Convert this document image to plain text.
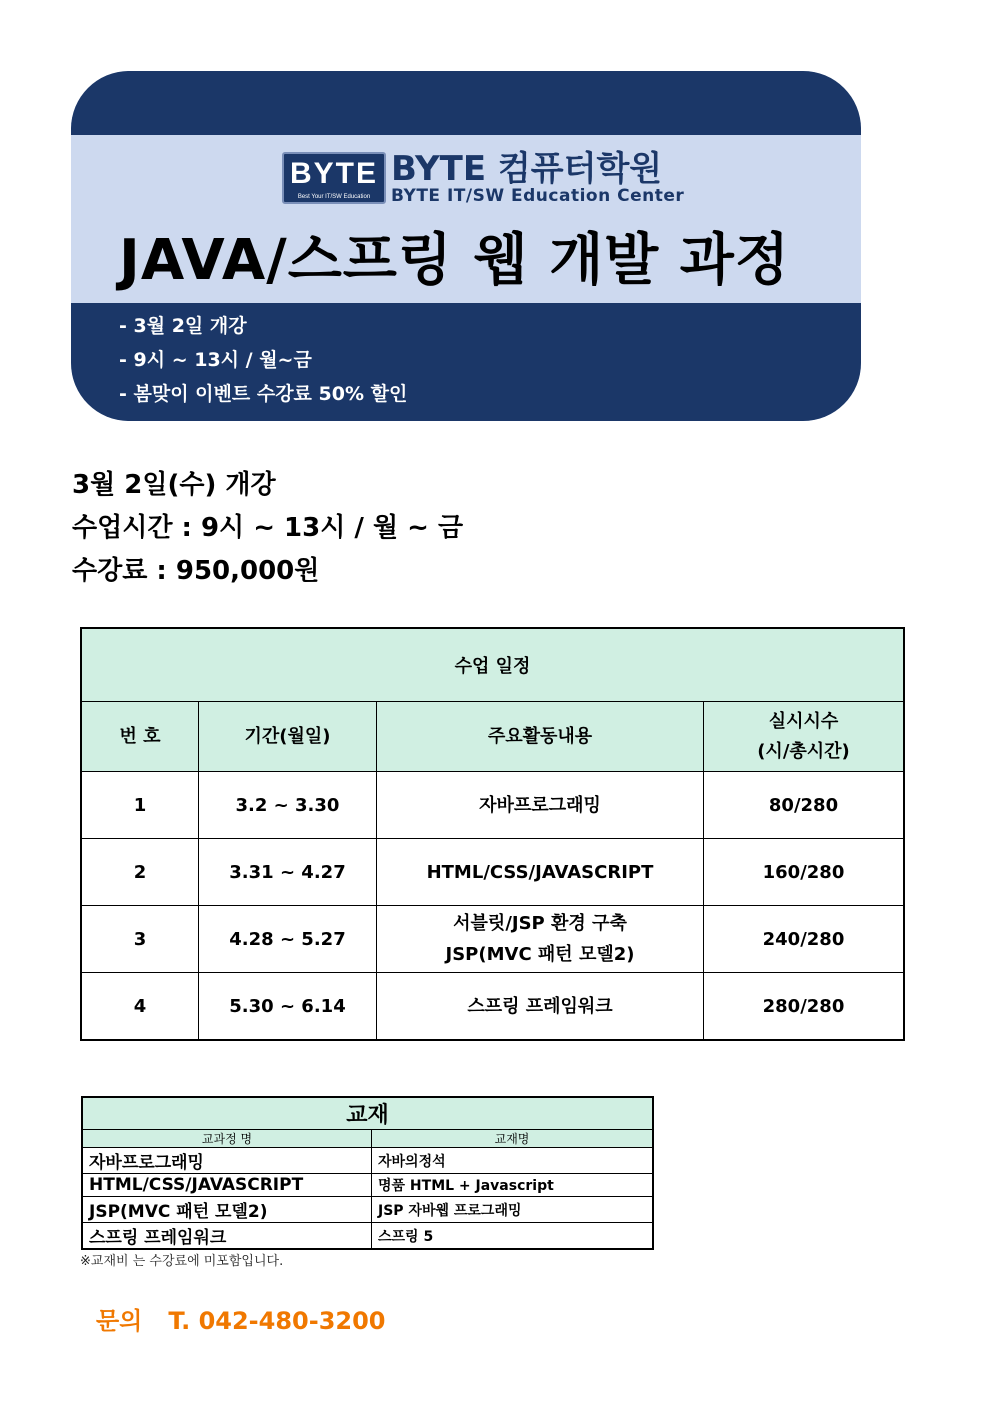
BYTE
Best Your IT/SW Education
BYTE 컴퓨터학원
BYTE IT/SW Education Center
JAVA/스프링 웹 개발 과정
- 3월 2일 개강
- 9시 ~ 13시 / 월~금
- 봄맞이 이벤트 수강료 50% 할인
3월 2일(수) 개강
수업시간 : 9시 ~ 13시 / 월 ~ 금
수강료 : 950,000원
수업 일정			
번 호	기간(월일)	주요활동내용	실시시수
(시/총시간)

1	3.2 ~ 3.30	자바프로그래밍	80/280
2	3.31 ~ 4.27	HTML/CSS/JAVASCRIPT	160/280
3	4.28 ~ 5.27	서블릿/JSP 환경 구축
JSP(MVC 패턴 모델2)	240/280
4	5.30 ~ 6.14	스프링 프레임워크	280/280
교재	
교과정 명	교재명
자바프로그래밍	자바의정석
HTML/CSS/JAVASCRIPT	명품 HTML + Javascript
JSP(MVC 패턴 모델2)	JSP 자바웹 프로그래밍
스프링 프레임워크	스프링 5
※교재비 는 수강료에 미포함입니다.
문의 T. 042-480-3200
